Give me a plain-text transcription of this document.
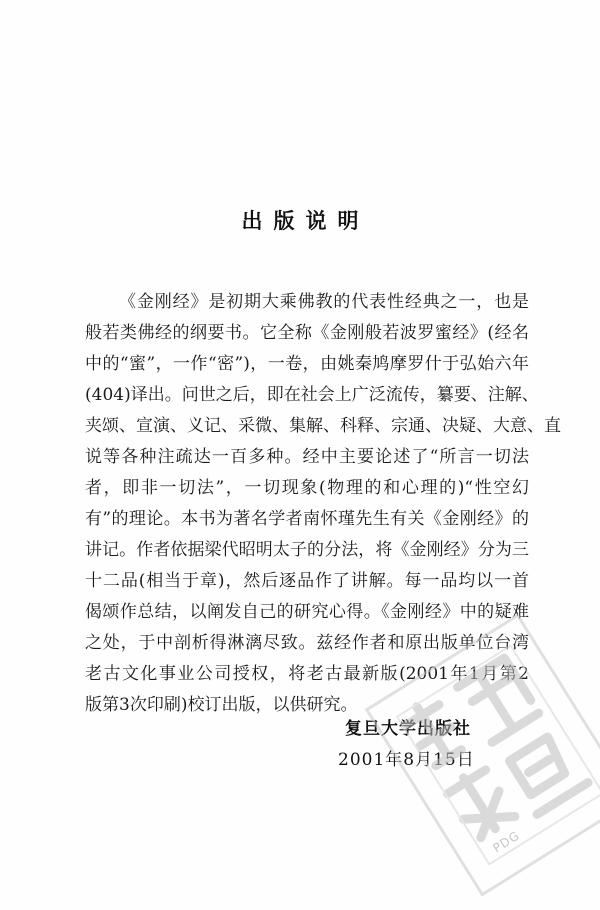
出版说明
《金刚经》是初期大乘佛教的代表性经典之一，也是
般若类佛经的纲要书。它全称《金刚般若波罗蜜经》(经名
中的“蜜”，一作“密”)，一卷，由姚秦鸠摩罗什于弘始六年
(404)译出。问世之后，即在社会上广泛流传，纂要、注解、
夹颂、宣演、义记、采微、集解、科释、宗通、决疑、大意、直
说等各种注疏达一百多种。经中主要论述了“所言一切法
者，即非一切法”，一切现象(物理的和心理的)“性空幻
有”的理论。本书为著名学者南怀瑾先生有关《金刚经》的
讲记。作者依据梁代昭明太子的分法，将《金刚经》分为三
十二品(相当于章)，然后逐品作了讲解。每一品均以一首
偈颂作总结，以阐发自己的研究心得。《金刚经》中的疑难
之处，于中剖析得淋漓尽致。兹经作者和原出版单位台湾
老古文化事业公司授权，将老古最新版(2001年1月第2
版第3次印刷)校订出版，以供研究。
复旦大学出版社
2001年8月15日
PDG
